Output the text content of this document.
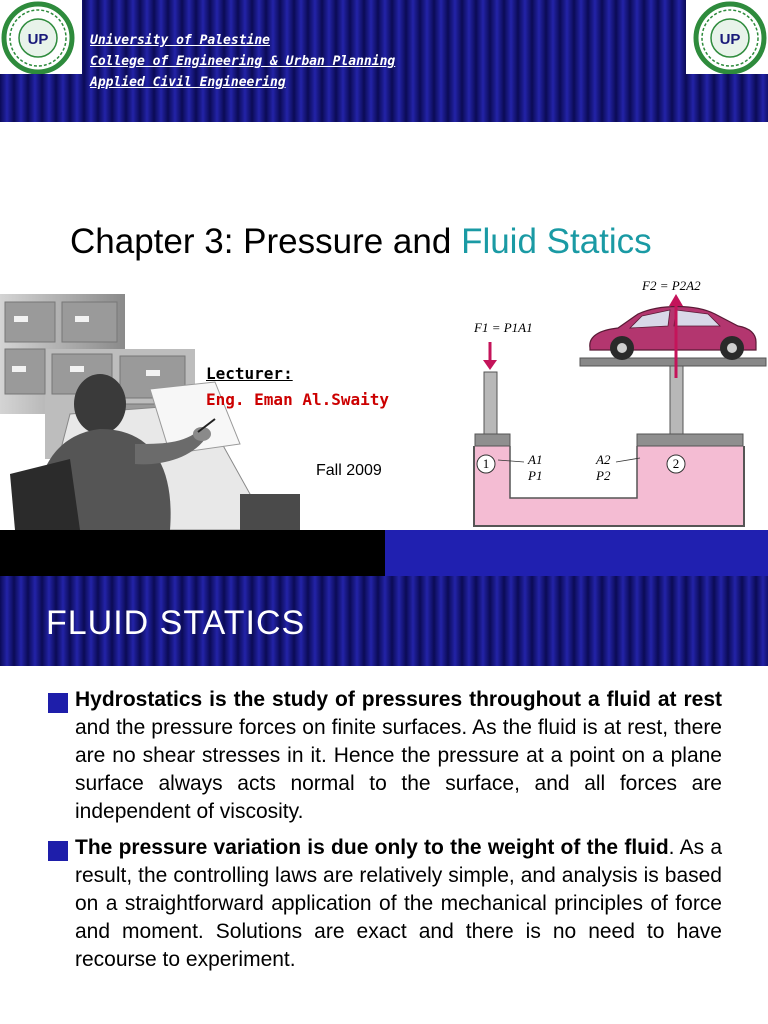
UP	UP
University of Palestine
College of Engineering & Urban Planning
Applied Civil Engineering
Chapter 3: Pressure and Fluid Statics
Lecturer:
Eng. Eman Al.Swaity
Fall 2009
F1 = P1A1
F2 = P2A2
1	2
A1
P1
A2
P2
FLUID STATICS

Hydrostatics is the study of pressures throughout a fluid at rest and the pressure forces on finite surfaces. As the fluid is at rest, there are no shear stresses in it. Hence the pressure at a point on a plane surface always acts normal to the surface, and all forces are independent of viscosity.

The pressure variation is due only to the weight of the fluid. As a result, the controlling laws are relatively simple, and analysis is based on a straightforward application of the mechanical principles of force and moment. Solutions are exact and there is no need to have recourse to experiment.
